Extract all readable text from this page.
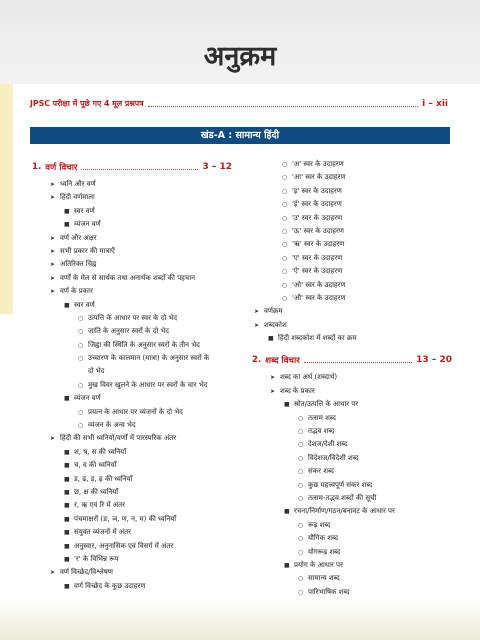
अनुक्रम
JPSC परीक्षा में पूछे गए 4 मूल प्रश्नपत्र	i – xii
खंड-A : सामान्य हिंदी
1. वर्ण विचार	3 – 12
➤ ध्वनि और वर्ण
➤ हिंदी वर्णमाला
■ स्वर वर्ण
■ व्यंजन वर्ण
➤ वर्ण और अक्षर
➤ सभी प्रकार की मात्राएँ
➤ अतिरिक्त चिह्न
➤ वर्णों के मेल से सार्थक तथा अनार्थक शब्दों की पहचान
➤ वर्ण के प्रकार
■ स्वर वर्ण
○ उत्पत्ति के आधार पर स्वर के दो भेद
○ जाति के अनुसार स्वरों के दो भेद
○ जिह्वा की स्थिति के अनुसार स्वरों के तीन भेद
○ उच्चारण के कालमान (मात्रा) के अनुसार स्वरों के
दो भेद
○ मुख विवर खुलने के आधार पर स्वरों के चार भेद
■ व्यंजन वर्ण
○ प्रयत्न के आधार पर व्यंजनों के दो भेद
○ व्यंजन के अन्य भेद
➤ हिंदी की सभी ध्वनियों/वर्णों में पारस्परिक अंतर
■ श, ष, स की ध्वनियाँ
■ च, व की ध्वनियाँ
■ ड, ढ, ड़, ढ़ की ध्वनियाँ
■ छ, क्ष की ध्वनियाँ
■ र, ऋ एवं रि में अंतर
■ पंचमाक्षरों (ङ, ञ, ण, न, म) की ध्वनियाँ
■ संयुक्त व्यंजनों में अंतर
■ अनुस्वार, अनुनासिक एवं विसर्ग में अंतर
■ 'र' के विभिन्न रूप
➤ वर्ण विच्छेद/विश्लेषण
■ वर्ण विच्छेद के कुछ उदाहरण
○ 'अ' स्वर के उदाहरण
○ 'आ' स्वर के उदाहरण
○ 'इ' स्वर के उदाहरण
○ 'ई' स्वर के उदाहरण
○ 'उ' स्वर के उदाहरण
○ 'ऊ' स्वर के उदाहरण
○ 'ऋ' स्वर के उदाहरण
○ 'ए' स्वर के उदाहरण
○ 'ऐ' स्वर के उदाहरण
○ 'ओ' स्वर के उदाहरण
○ 'औ' स्वर के उदाहरण
➤ वर्णक्रम
➤ शब्दकोश
■ हिंदी शब्दकोश में शब्दों का क्रम
2. शब्द विचार	13 – 20
➤ शब्द का अर्थ (शब्दार्थ)
➤ शब्द के प्रकार
■ स्रोत/उत्पत्ति के आधार पर
○ तत्सम शब्द
○ तद्भव शब्द
○ देशज/देशी शब्द
○ विदेशज/विदेशी शब्द
○ संकर शब्द
○ कुछ महत्त्वपूर्ण संकर शब्द
○ तत्सम-तद्भव शब्दों की सूची
■ रचना/निर्माण/गठन/बनावट के आधार पर
○ रूढ़ शब्द
○ यौगिक शब्द
○ योगरूढ़ शब्द
■ प्रयोग के आधार पर
○ सामान्य शब्द
○ पारिभाषिक शब्द
